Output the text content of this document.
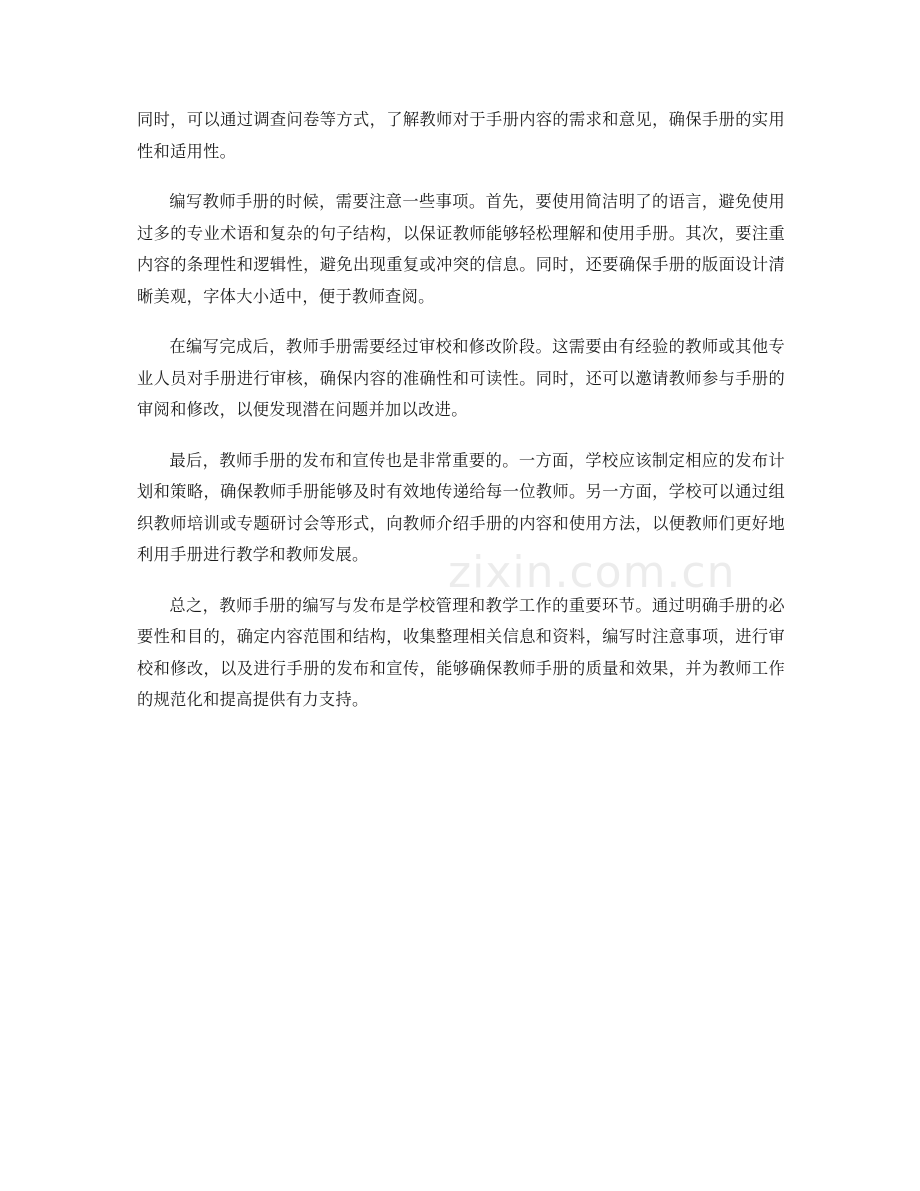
同时，可以通过调查问卷等方式，了解教师对于手册内容的需求和意见，确保手册的实用性和适用性。

编写教师手册的时候，需要注意一些事项。首先，要使用简洁明了的语言，避免使用过多的专业术语和复杂的句子结构，以保证教师能够轻松理解和使用手册。其次，要注重内容的条理性和逻辑性，避免出现重复或冲突的信息。同时，还要确保手册的版面设计清晰美观，字体大小适中，便于教师查阅。

在编写完成后，教师手册需要经过审校和修改阶段。这需要由有经验的教师或其他专业人员对手册进行审核，确保内容的准确性和可读性。同时，还可以邀请教师参与手册的审阅和修改，以便发现潜在问题并加以改进。

最后，教师手册的发布和宣传也是非常重要的。一方面，学校应该制定相应的发布计划和策略，确保教师手册能够及时有效地传递给每一位教师。另一方面，学校可以通过组织教师培训或专题研讨会等形式，向教师介绍手册的内容和使用方法，以便教师们更好地利用手册进行教学和教师发展。

总之，教师手册的编写与发布是学校管理和教学工作的重要环节。通过明确手册的必要性和目的，确定内容范围和结构，收集整理相关信息和资料，编写时注意事项，进行审校和修改，以及进行手册的发布和宣传，能够确保教师手册的质量和效果，并为教师工作的规范化和提高提供有力支持。

zixin.com.cn
